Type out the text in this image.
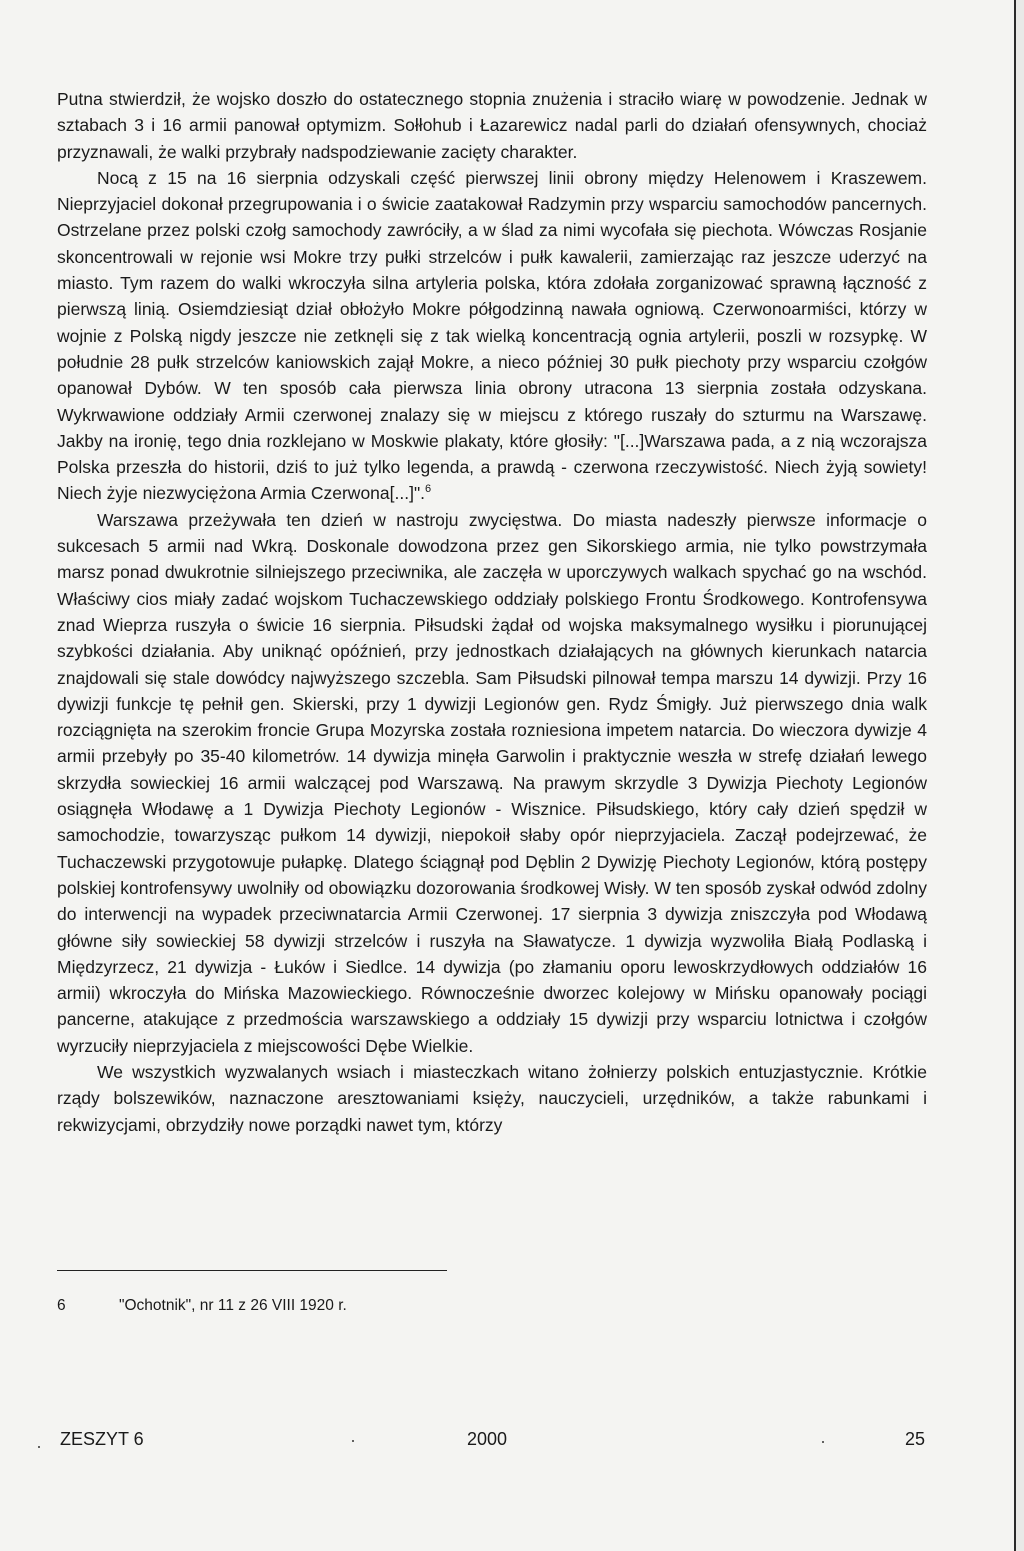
Putna stwierdził, że wojsko doszło do ostatecznego stopnia znużenia i straciło wiarę w powodzenie. Jednak w sztabach 3 i 16 armii panował optymizm. Sołłohub i Łazarewicz nadal parli do działań ofensywnych, chociaż przyznawali, że walki przybrały nadspodziewanie zacięty charakter.

Nocą z 15 na 16 sierpnia odzyskali część pierwszej linii obrony między Helenowem i Kraszewem. Nieprzyjaciel dokonał przegrupowania i o świcie zaatakował Radzymin przy wsparciu samochodów pancernych. Ostrzelane przez polski czołg samochody zawróciły, a w ślad za nimi wycofała się piechota. Wówczas Rosjanie skoncentrowali w rejonie wsi Mokre trzy pułki strzelców i pułk kawalerii, zamierzając raz jeszcze uderzyć na miasto. Tym razem do walki wkroczyła silna artyleria polska, która zdołała zorganizować sprawną łączność z pierwszą linią. Osiemdziesiąt dział obłożyło Mokre półgodzinną nawała ogniową. Czerwonoarmiści, którzy w wojnie z Polską nigdy jeszcze nie zetknęli się z tak wielką koncentracją ognia artylerii, poszli w rozsypkę. W południe 28 pułk strzelców kaniowskich zajął Mokre, a nieco później 30 pułk piechoty przy wsparciu czołgów opanował Dybów. W ten sposób cała pierwsza linia obrony utracona 13 sierpnia została odzyskana. Wykrwawione oddziały Armii czerwonej znalazy się w miejscu z którego ruszały do szturmu na Warszawę. Jakby na ironię, tego dnia rozklejano w Moskwie plakaty, które głosiły: "[...]Warszawa pada, a z nią wczorajsza Polska przeszła do historii, dziś to już tylko legenda, a prawdą - czerwona rzeczywistość. Niech żyją sowiety! Niech żyje niezwyciężona Armia Czerwona[...]".$^6$

Warszawa przeżywała ten dzień w nastroju zwycięstwa. Do miasta nadeszły pierwsze informacje o sukcesach 5 armii nad Wkrą. Doskonale dowodzona przez gen Sikorskiego armia, nie tylko powstrzymała marsz ponad dwukrotnie silniejszego przeciwnika, ale zaczęła w uporczywych walkach spychać go na wschód. Właściwy cios miały zadać wojskom Tuchaczewskiego oddziały polskiego Frontu Środkowego. Kontrofensywa znad Wieprza ruszyła o świcie 16 sierpnia. Piłsudski żądał od wojska maksymalnego wysiłku i piorunującej szybkości działania. Aby uniknąć opóźnień, przy jednostkach działających na głównych kierunkach natarcia znajdowali się stale dowódcy najwyższego szczebla. Sam Piłsudski pilnował tempa marszu 14 dywizji. Przy 16 dywizji funkcje tę pełnił gen. Skierski, przy 1 dywizji Legionów gen. Rydz Śmigły. Już pierwszego dnia walk rozciągnięta na szerokim froncie Grupa Mozyrska została rozniesiona impetem natarcia. Do wieczora dywizje 4 armii przebyły po 35-40 kilometrów. 14 dywizja minęła Garwolin i praktycznie weszła w strefę działań lewego skrzydła sowieckiej 16 armii walczącej pod Warszawą. Na prawym skrzydle 3 Dywizja Piechoty Legionów osiągnęła Włodawę a 1 Dywizja Piechoty Legionów - Wisznice. Piłsudskiego, który cały dzień spędził w samochodzie, towarzysząc pułkom 14 dywizji, niepokoił słaby opór nieprzyjaciela. Zaczął podejrzewać, że Tuchaczewski przygotowuje pułapkę. Dlatego ściągnął pod Dęblin 2 Dywizję Piechoty Legionów, którą postępy polskiej kontrofensywy uwolniły od obowiązku dozorowania środkowej Wisły. W ten sposób zyskał odwód zdolny do interwencji na wypadek przeciwnatarcia Armii Czerwonej. 17 sierpnia 3 dywizja zniszczyła pod Włodawą główne siły sowieckiej 58 dywizji strzelców i ruszyła na Sławatycze. 1 dywizja wyzwoliła Białą Podlaską i Międzyrzecz, 21 dywizja - Łuków i Siedlce. 14 dywizja (po złamaniu oporu lewoskrzydłowych oddziałów 16 armii) wkroczyła do Mińska Mazowieckiego. Równocześnie dworzec kolejowy w Mińsku opanowały pociągi pancerne, atakujące z przedmościa warszawskiego a oddziały 15 dywizji przy wsparciu lotnictwa i czołgów wyrzuciły nieprzyjaciela z miejscowości Dębe Wielkie.

We wszystkich wyzwalanych wsiach i miasteczkach witano żołnierzy polskich entuzjastycznie. Krótkie rządy bolszewików, naznaczone aresztowaniami księży, nauczycieli, urzędników, a także rabunkami i rekwizycjami, obrzydziły nowe porządki nawet tym, którzy

6	"Ochotnik", nr 11 z 26 VIII 1920 r.
ZESZYT 6	2000	25
